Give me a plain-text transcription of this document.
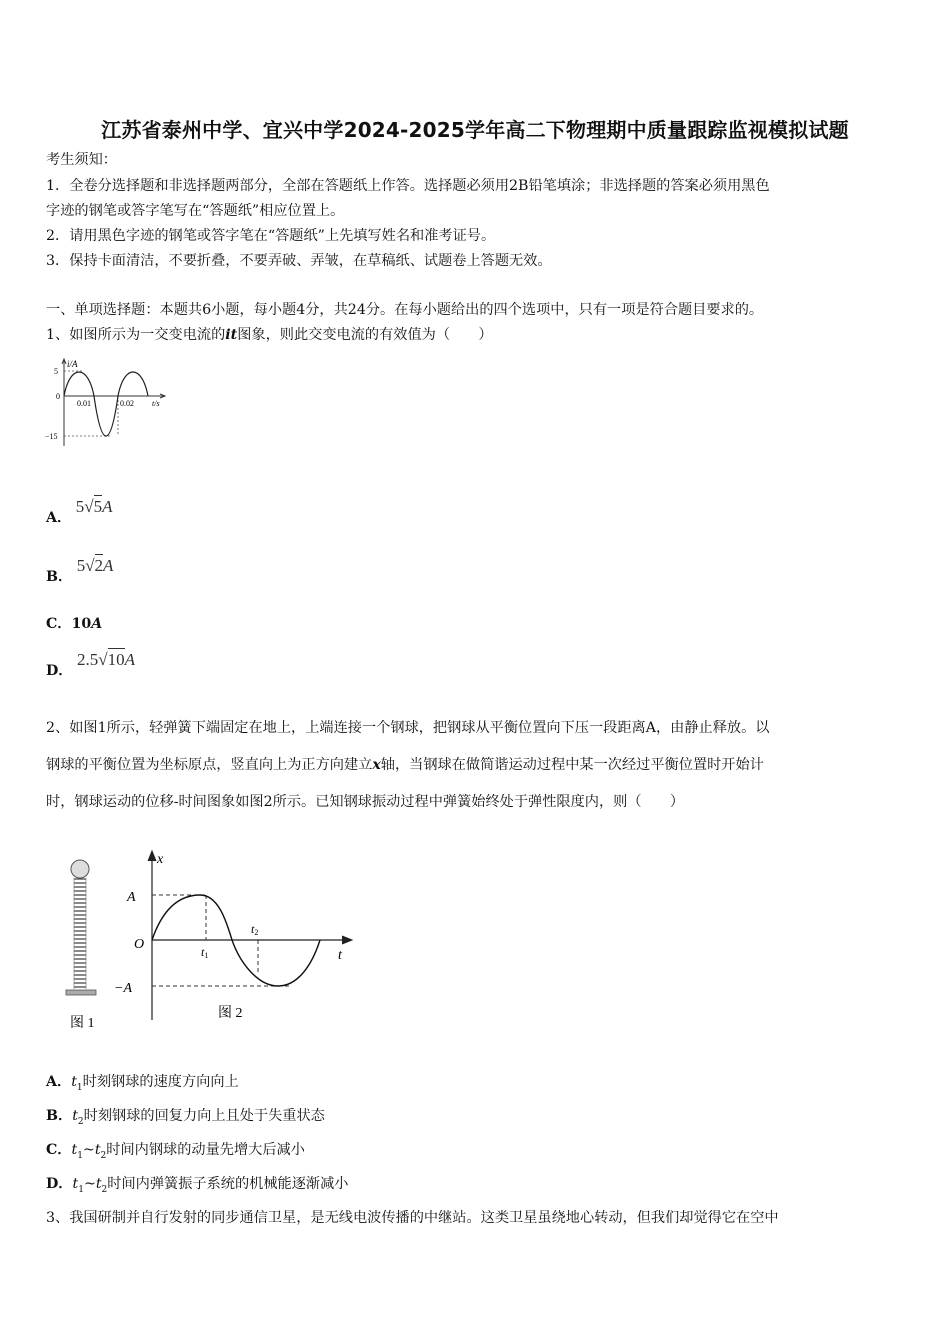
江苏省泰州中学、宜兴中学2024-2025学年高二下物理期中质量跟踪监视模拟试题
考生须知：
1．全卷分选择题和非选择题两部分，全部在答题纸上作答。选择题必须用2B铅笔填涂；非选择题的答案必须用黑色
字迹的钢笔或答字笔写在“答题纸”相应位置上。
2．请用黑色字迹的钢笔或答字笔在“答题纸”上先填写姓名和准考证号。
3．保持卡面清洁，不要折叠，不要弄破、弄皱，在草稿纸、试题卷上答题无效。
一、单项选择题：本题共6小题，每小题4分，共24分。在每小题给出的四个选项中，只有一项是符合题目要求的。
1、如图所示为一交变电流的it图象，则此交变电流的有效值为（　　）
i/A
5
0
−15
0.01	0.02 t/s
A． 5√5A
B． 5√2A
C．10A
D． 2.5√10A
2、如图1所示，轻弹簧下端固定在地上，上端连接一个钢球，把钢球从平衡位置向下压一段距离A，由静止释放。以
钢球的平衡位置为坐标原点，竖直向上为正方向建立x轴，当钢球在做简谐运动过程中某一次经过平衡位置时开始计
时，钢球运动的位移-时间图象如图2所示。已知钢球振动过程中弹簧始终处于弹性限度内，则（　　）
图 1
x
t
A
−A
O	t1
t2
图 2
A．$t_1$时刻钢球的速度方向向上
B．$t_2$时刻钢球的回复力向上且处于失重状态
C．$t_1\sim t_2$时间内钢球的动量先增大后减小
D．$t_1\sim t_2$时间内弹簧振子系统的机械能逐渐减小
3、我国研制并自行发射的同步通信卫星，是无线电波传播的中继站。这类卫星虽绕地心转动，但我们却觉得它在空中
